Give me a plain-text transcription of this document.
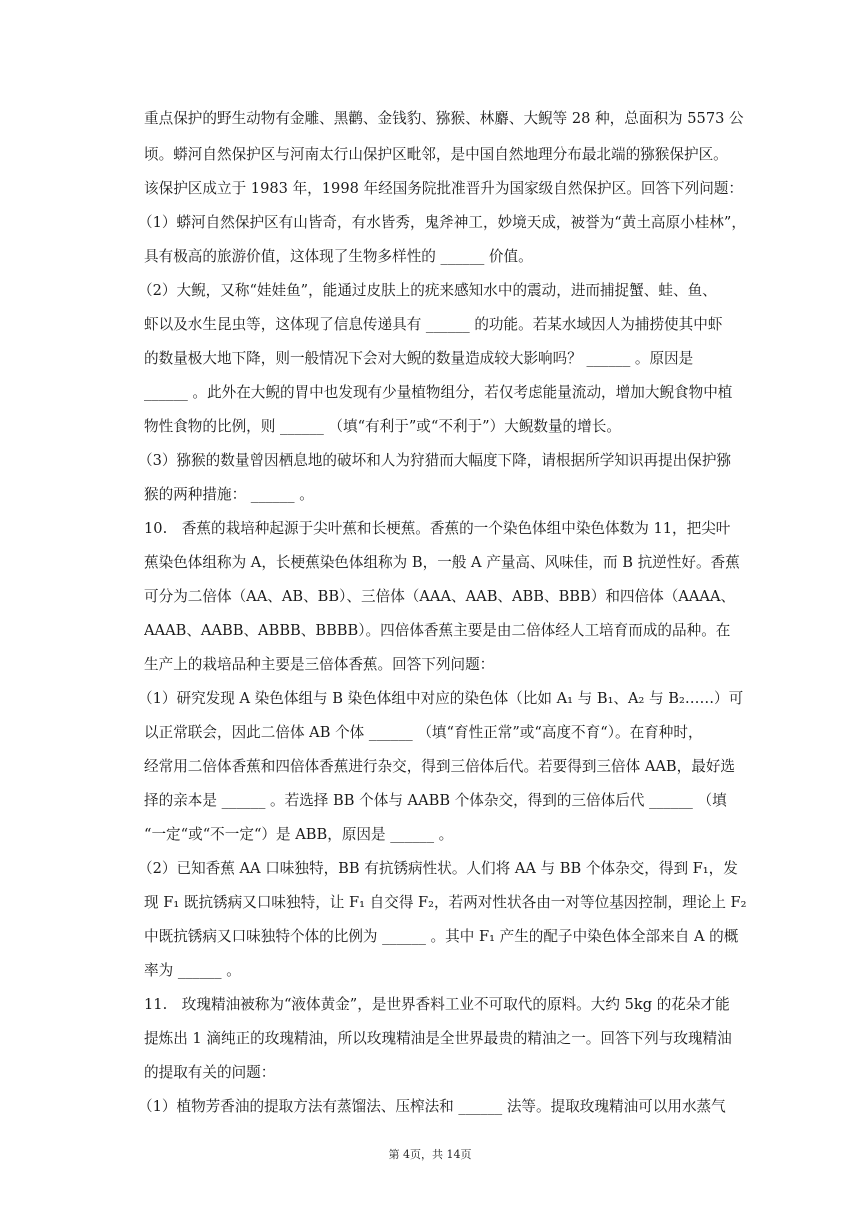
重点保护的野生动物有金雕、黑鹳、金钱豹、猕猴、林麝、大鲵等 28 种，总面积为 5573 公
顷。蟒河自然保护区与河南太行山保护区毗邻，是中国自然地理分布最北端的猕猴保护区。
该保护区成立于 1983 年，1998 年经国务院批准晋升为国家级自然保护区。回答下列问题：
（1）蟒河自然保护区有山皆奇，有水皆秀，鬼斧神工，妙境天成，被誉为“黄土高原小桂林”，
具有极高的旅游价值，这体现了生物多样性的 ______ 价值。
（2）大鲵，又称“娃娃鱼”，能通过皮肤上的疣来感知水中的震动，进而捕捉蟹、蛙、鱼、
虾以及水生昆虫等，这体现了信息传递具有 ______ 的功能。若某水域因人为捕捞使其中虾
的数量极大地下降，则一般情况下会对大鲵的数量造成较大影响吗？ ______ 。原因是
______ 。此外在大鲵的胃中也发现有少量植物组分，若仅考虑能量流动，增加大鲵食物中植
物性食物的比例，则 ______ （填“有利于”或“不利于”）大鲵数量的增长。
（3）猕猴的数量曾因栖息地的破坏和人为狩猎而大幅度下降，请根据所学知识再提出保护猕
猴的两种措施： ______ 。
10.　香蕉的栽培种起源于尖叶蕉和长梗蕉。香蕉的一个染色体组中染色体数为 11，把尖叶
蕉染色体组称为 A，长梗蕉染色体组称为 B，一般 A 产量高、风味佳，而 B 抗逆性好。香蕉
可分为二倍体（AA、AB、BB）、三倍体（AAA、AAB、ABB、BBB）和四倍体（AAAA、
AAAB、AABB、ABBB、BBBB）。四倍体香蕉主要是由二倍体经人工培育而成的品种。在
生产上的栽培品种主要是三倍体香蕉。回答下列问题：
（1）研究发现 A 染色体组与 B 染色体组中对应的染色体（比如 A₁ 与 B₁、A₂ 与 B₂……）可
以正常联会，因此二倍体 AB 个体 ______ （填“育性正常”或“高度不育“）。在育种时，
经常用二倍体香蕉和四倍体香蕉进行杂交，得到三倍体后代。若要得到三倍体 AAB，最好选
择的亲本是 ______ 。若选择 BB 个体与 AABB 个体杂交，得到的三倍体后代 ______ （填
“一定“或“不一定“）是 ABB，原因是 ______ 。
（2）已知香蕉 AA 口味独特，BB 有抗锈病性状。人们将 AA 与 BB 个体杂交，得到 F₁，发
现 F₁ 既抗锈病又口味独特，让 F₁ 自交得 F₂，若两对性状各由一对等位基因控制，理论上 F₂
中既抗锈病又口味独特个体的比例为 ______ 。其中 F₁ 产生的配子中染色体全部来自 A 的概
率为 ______ 。
11.　玫瑰精油被称为“液体黄金”，是世界香料工业不可取代的原料。大约 5kg 的花朵才能
提炼出 1 滴纯正的玫瑰精油，所以玫瑰精油是全世界最贵的精油之一。回答下列与玫瑰精油
的提取有关的问题：
（1）植物芳香油的提取方法有蒸馏法、压榨法和 ______ 法等。提取玫瑰精油可以用水蒸气
第 4页，共 14页
